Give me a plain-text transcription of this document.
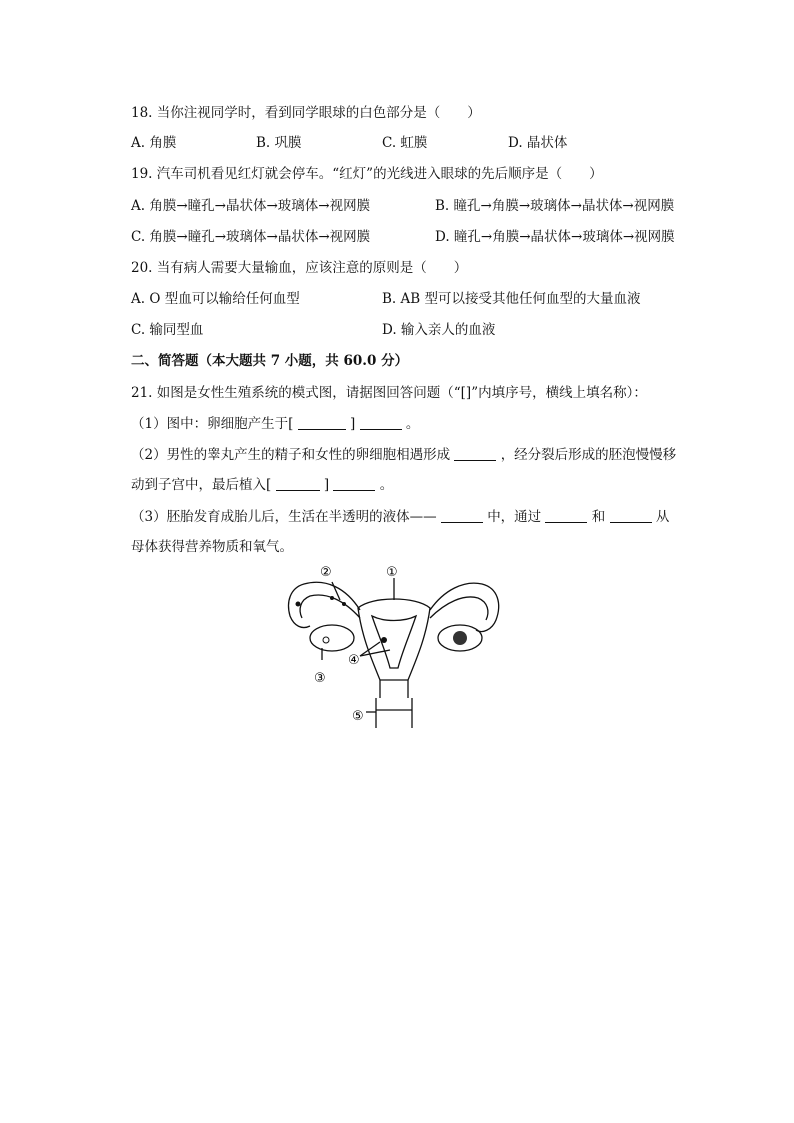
18. 当你注视同学时，看到同学眼球的白色部分是（　　）
A. 角膜	B. 巩膜	C. 虹膜	D. 晶状体
19. 汽车司机看见红灯就会停车。“红灯”的光线进入眼球的先后顺序是（　　）
A. 角膜→瞳孔→晶状体→玻璃体→视网膜	B. 瞳孔→角膜→玻璃体→晶状体→视网膜
C. 角膜→瞳孔→玻璃体→晶状体→视网膜	D. 瞳孔→角膜→晶状体→玻璃体→视网膜
20. 当有病人需要大量输血，应该注意的原则是（　　）
A. O 型血可以输给任何血型	B. AB 型可以接受其他任何血型的大量血液
C. 输同型血	D. 输入亲人的血液
二、简答题（本大题共 7 小题，共 60.0 分）
21. 如图是女性生殖系统的模式图，请据图回答问题（“[]”内填序号，横线上填名称）：
（1）图中：卵细胞产生于[	]	。
（2）男性的睾丸产生的精子和女性的卵细胞相遇形成	，经分裂后形成的胚泡慢慢移
动到子宫中，最后植入[	]	。
（3）胚胎发育成胎儿后，生活在半透明的液体——	中，通过	和	从
母体获得营养物质和氧气。
①
②
③
④
⑤
